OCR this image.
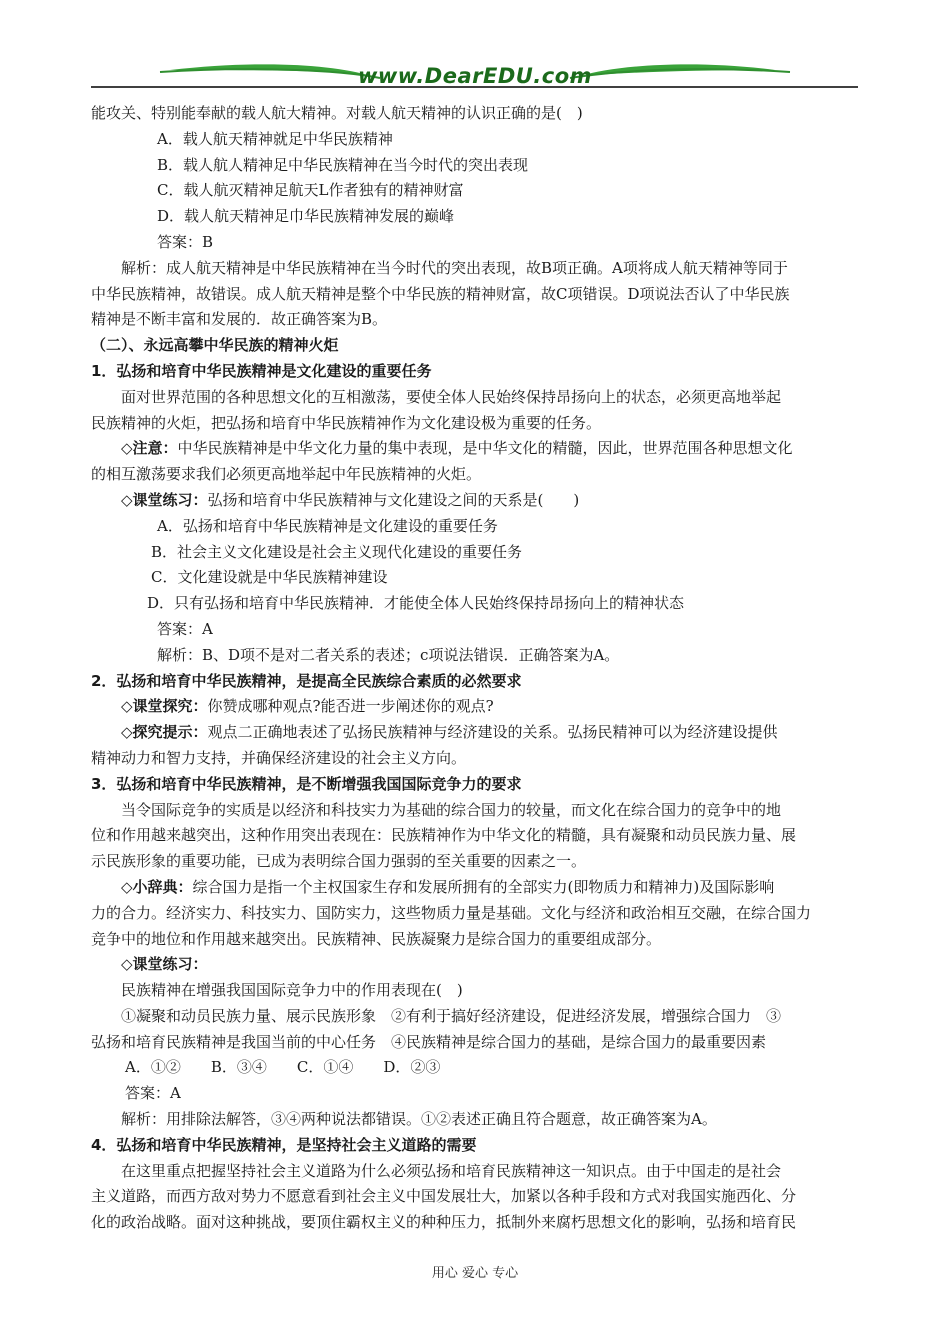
www.DearEDU.com
能攻关、特别能奉献的载人航大精神。对载人航天精神的认识正确的是(　)
A．载人航天精神就足中华民族精神
B．载人航人精神足中华民族精神在当今时代的突出表现
C．载人航灭精神足航天L作者独有的精神财富
D．载人航天精神足巾华民族精神发展的巅峰
答案：B
解析：成人航天精神是中华民族精神在当今时代的突出表现，故B项正确。A项将成人航天精神等同于
中华民族精神，故错误。成人航天精神是整个中华民族的精神财富，故C项错误。D项说法否认了中华民族
精神是不断丰富和发展的．故正确答案为B。
（二）、永远高攀中华民族的精神火炬
1．弘扬和培育中华民族精神是文化建设的重要任务
面对世界范围的各种思想文化的互相激荡，要使全体人民始终保持昂扬向上的状态，必须更高地举起
民族精神的火炬，把弘扬和培育中华民族精神作为文化建设极为重要的任务。
◇注意：中华民族精神是中华文化力量的集中表现，是中华文化的精髓，因此，世界范围各种思想文化
的相互激荡要求我们必须更高地举起中年民族精神的火炬。
◇课堂练习：弘扬和培育中华民族精神与文化建设之间的天系是(　　)
A．弘扬和培育中华民族精神是文化建设的重要任务
B．社会主义文化建设是社会主义现代化建设的重要任务
C．文化建设就是中华民族精神建设
D．只有弘扬和培育中华民族精神．才能使全体人民始终保持昂扬向上的精神状态
答案：A
解析：B、D项不是对二者关系的表述；c项说法错误．正确答案为A。
2．弘扬和培育中华民族精神，是提高全民族综合素质的必然要求
◇课堂探究：你赞成哪种观点?能否进一步阐述你的观点?
◇探究提示：观点二正确地表述了弘扬民族精神与经济建设的关系。弘扬民精神可以为经济建设提供
精神动力和智力支持，并确保经济建设的社会主义方向。
3．弘扬和培育中华民族精神，是不断增强我国国际竞争力的要求
当令国际竞争的实质是以经济和科技实力为基础的综合国力的较量，而文化在综合国力的竞争中的地
位和作用越来越突出，这种作用突出表现在：民族精神作为中华文化的精髓，具有凝聚和动员民族力量、展
示民族形象的重要功能，已成为表明综合国力强弱的至关重要的因素之一。
◇小辞典：综合国力是指一个主权国家生存和发展所拥有的全部实力(即物质力和精神力)及国际影响
力的合力。经济实力、科技实力、国防实力，这些物质力量是基础。文化与经济和政治相互交融，在综合国力
竞争中的地位和作用越来越突出。民族精神、民族凝聚力是综合国力的重要组成部分。
◇课堂练习：
民族精神在增强我国国际竞争力中的作用表现在(　)
①凝聚和动员民族力量、展示民族形象　②有利于搞好经济建设，促进经济发展，增强综合国力　③
弘扬和培育民族精神是我国当前的中心任务　④民族精神是综合国力的基础，是综合国力的最重要因素
A．①②　　B．③④　　C．①④　　D．②③
答案：A
解析：用排除法解答，③④两种说法都错误。①②表述正确且符合题意，故正确答案为A。
4．弘扬和培育中华民族精神，是坚持社会主义道路的需要
在这里重点把握坚持社会主义道路为什么必须弘扬和培育民族精神这一知识点。由于中国走的是社会
主义道路，而西方敌对势力不愿意看到社会主义中国发展壮大，加紧以各种手段和方式对我国实施西化、分
化的政治战略。面对这种挑战，要顶住霸权主义的种种压力，抵制外来腐朽思想文化的影响，弘扬和培育民
用心 爱心 专心
